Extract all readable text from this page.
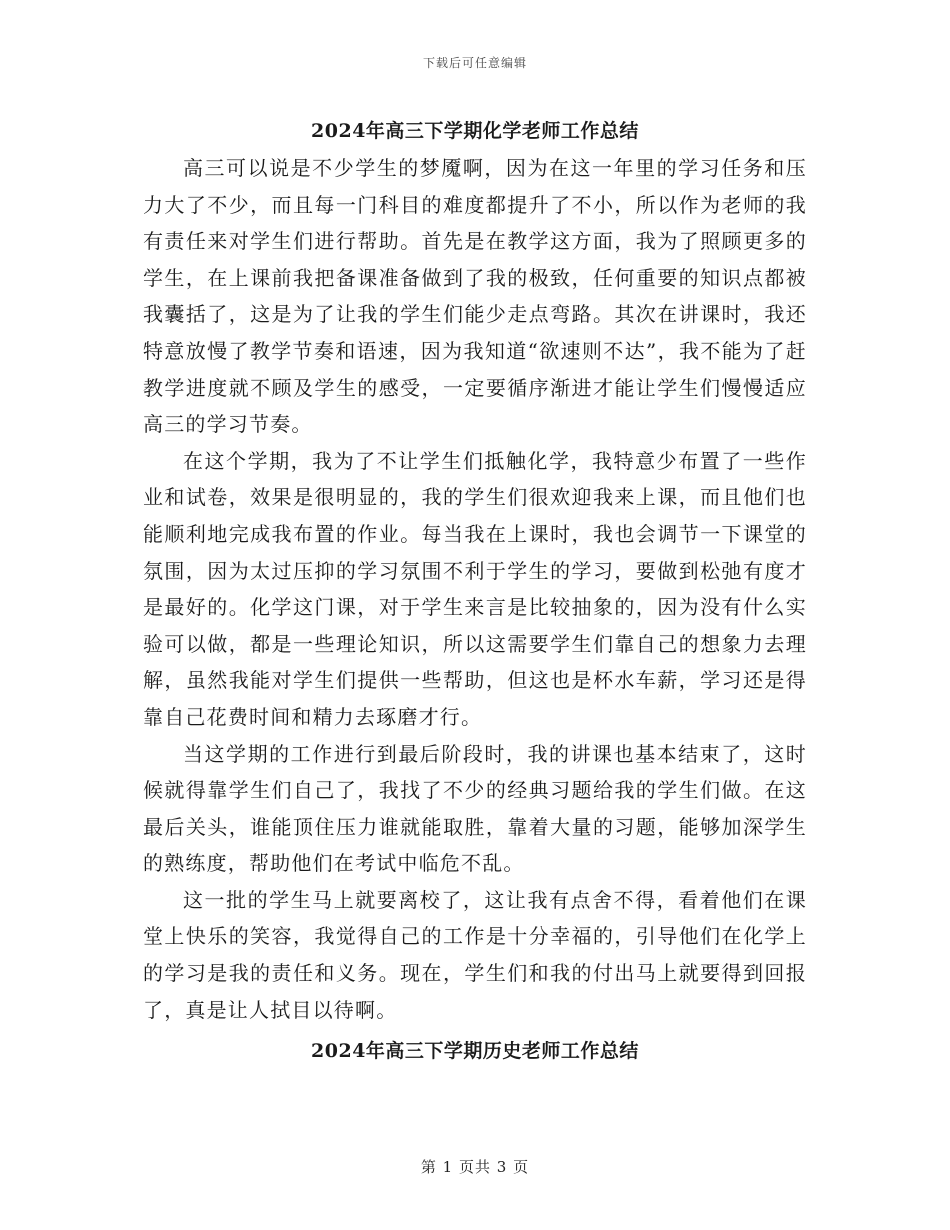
下载后可任意编辑
2024年高三下学期化学老师工作总结

高三可以说是不少学生的梦魇啊，因为在这一年里的学习任务和压力大了不少，而且每一门科目的难度都提升了不小，所以作为老师的我有责任来对学生们进行帮助。首先是在教学这方面，我为了照顾更多的学生，在上课前我把备课准备做到了我的极致，任何重要的知识点都被我囊括了，这是为了让我的学生们能少走点弯路。其次在讲课时，我还特意放慢了教学节奏和语速，因为我知道“欲速则不达”，我不能为了赶教学进度就不顾及学生的感受，一定要循序渐进才能让学生们慢慢适应高三的学习节奏。

在这个学期，我为了不让学生们抵触化学，我特意少布置了一些作业和试卷，效果是很明显的，我的学生们很欢迎我来上课，而且他们也能顺利地完成我布置的作业。每当我在上课时，我也会调节一下课堂的氛围，因为太过压抑的学习氛围不利于学生的学习，要做到松弛有度才是最好的。化学这门课，对于学生来言是比较抽象的，因为没有什么实验可以做，都是一些理论知识，所以这需要学生们靠自己的想象力去理解，虽然我能对学生们提供一些帮助，但这也是杯水车薪，学习还是得靠自己花费时间和精力去琢磨才行。

当这学期的工作进行到最后阶段时，我的讲课也基本结束了，这时候就得靠学生们自己了，我找了不少的经典习题给我的学生们做。在这最后关头，谁能顶住压力谁就能取胜，靠着大量的习题，能够加深学生的熟练度，帮助他们在考试中临危不乱。

这一批的学生马上就要离校了，这让我有点舍不得，看着他们在课堂上快乐的笑容，我觉得自己的工作是十分幸福的，引导他们在化学上的学习是我的责任和义务。现在，学生们和我的付出马上就要得到回报了，真是让人拭目以待啊。

2024年高三下学期历史老师工作总结
第 1 页共 3 页
